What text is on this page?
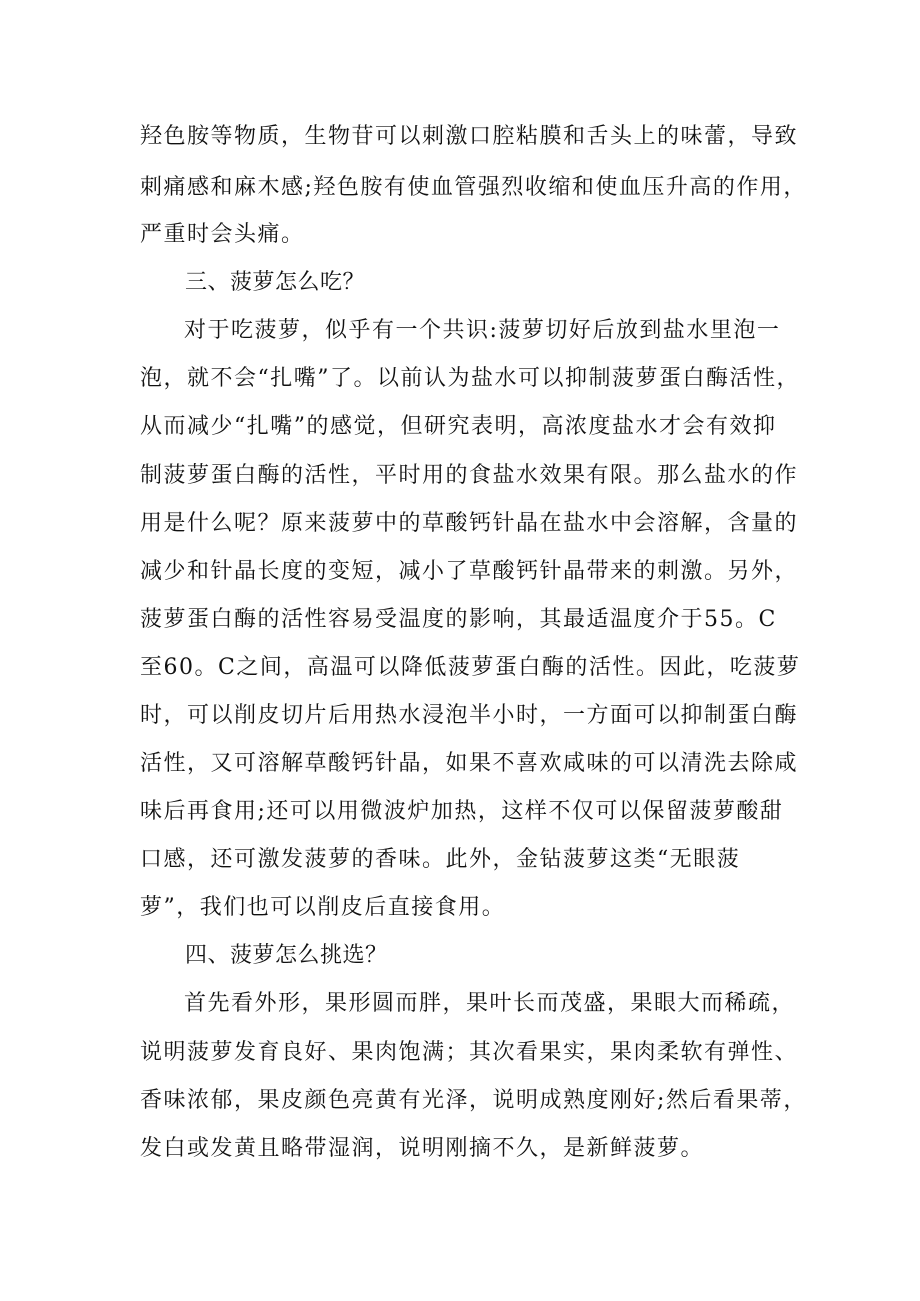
羟色胺等物质，生物苷可以刺激口腔粘膜和舌头上的味蕾，导致
刺痛感和麻木感;羟色胺有使血管强烈收缩和使血压升高的作用，
严重时会头痛。
三、菠萝怎么吃？
对于吃菠萝，似乎有一个共识:菠萝切好后放到盐水里泡一
泡，就不会“扎嘴”了。以前认为盐水可以抑制菠萝蛋白酶活性，
从而减少“扎嘴”的感觉，但研究表明，高浓度盐水才会有效抑
制菠萝蛋白酶的活性，平时用的食盐水效果有限。那么盐水的作
用是什么呢？原来菠萝中的草酸钙针晶在盐水中会溶解，含量的
减少和针晶长度的变短，减小了草酸钙针晶带来的刺激。另外，
菠萝蛋白酶的活性容易受温度的影响，其最适温度介于55。C
至60。C之间，高温可以降低菠萝蛋白酶的活性。因此，吃菠萝
时，可以削皮切片后用热水浸泡半小时，一方面可以抑制蛋白酶
活性，又可溶解草酸钙针晶，如果不喜欢咸味的可以清洗去除咸
味后再食用;还可以用微波炉加热，这样不仅可以保留菠萝酸甜
口感，还可激发菠萝的香味。此外，金钻菠萝这类“无眼菠
萝”，我们也可以削皮后直接食用。
四、菠萝怎么挑选？
首先看外形，果形圆而胖，果叶长而茂盛，果眼大而稀疏，
说明菠萝发育良好、果肉饱满；其次看果实，果肉柔软有弹性、
香味浓郁，果皮颜色亮黄有光泽，说明成熟度刚好;然后看果蒂，
发白或发黄且略带湿润，说明刚摘不久，是新鲜菠萝。
